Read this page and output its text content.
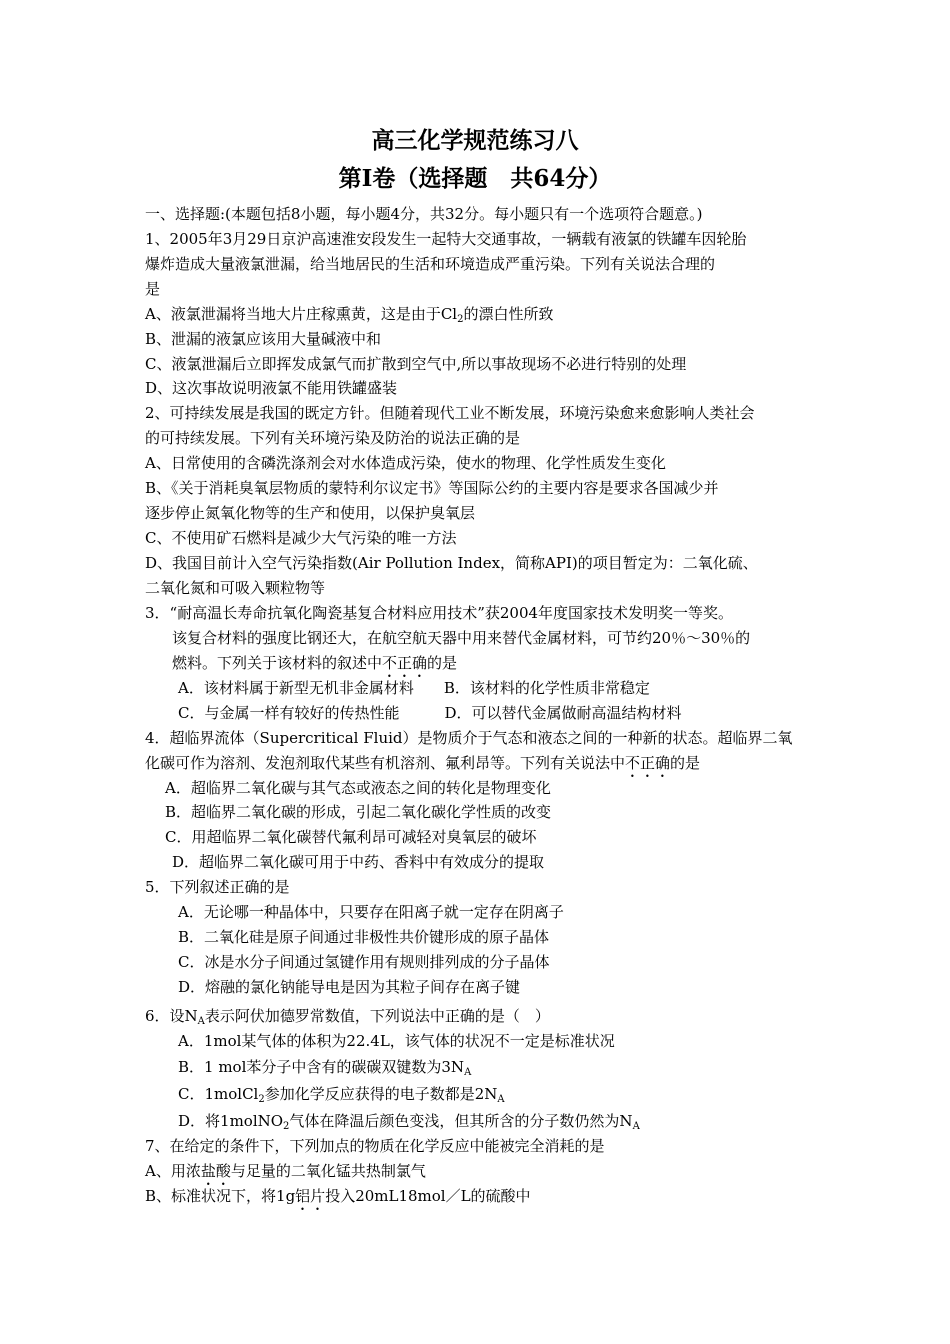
高三化学规范练习八
第Ⅰ卷（选择题　共64分）
一、选择题:(本题包括8小题，每小题4分，共32分。每小题只有一个选项符合题意。)
1、2005年3月29日京沪高速淮安段发生一起特大交通事故，一辆载有液氯的铁罐车因轮胎
爆炸造成大量液氯泄漏，给当地居民的生活和环境造成严重污染。下列有关说法合理的
是
A、液氯泄漏将当地大片庄稼熏黄，这是由于$Cl_2$的漂白性所致
B、泄漏的液氯应该用大量碱液中和
C、液氯泄漏后立即挥发成氯气而扩散到空气中,所以事故现场不必进行特别的处理
D、这次事故说明液氯不能用铁罐盛装
2、可持续发展是我国的既定方针。但随着现代工业不断发展，环境污染愈来愈影响人类社会
的可持续发展。下列有关环境污染及防治的说法正确的是
A、日常使用的含磷洗涤剂会对水体造成污染，使水的物理、化学性质发生变化
B、《关于消耗臭氧层物质的蒙特利尔议定书》等国际公约的主要内容是要求各国减少并
逐步停止氮氧化物等的生产和使用，以保护臭氧层
C、不使用矿石燃料是减少大气污染的唯一方法
D、我国目前计入空气污染指数(Air Pollution Index，简称API)的项目暂定为：二氧化硫、
二氧化氮和可吸入颗粒物等
3．“耐高温长寿命抗氧化陶瓷基复合材料应用技术”获2004年度国家技术发明奖一等奖。
该复合材料的强度比钢还大，在航空航天器中用来替代金属材料，可节约20％～30％的
燃料。下列关于该材料的叙述中不正确的是
A．该材料属于新型无机非金属材料　　B．该材料的化学性质非常稳定
C．与金属一样有较好的传热性能　　　D．可以替代金属做耐高温结构材料
4．超临界流体（Supercritical Fluid）是物质介于气态和液态之间的一种新的状态。超临界二氧
化碳可作为溶剂、发泡剂取代某些有机溶剂、氟利昂等。下列有关说法中不正确的是
A．超临界二氧化碳与其气态或液态之间的转化是物理变化
B．超临界二氧化碳的形成，引起二氧化碳化学性质的改变
C．用超临界二氧化碳替代氟利昂可减轻对臭氧层的破坏
D．超临界二氧化碳可用于中药、香料中有效成分的提取
5．下列叙述正确的是
A．无论哪一种晶体中，只要存在阳离子就一定存在阴离子
B．二氧化硅是原子间通过非极性共价键形成的原子晶体
C．冰是水分子间通过氢键作用有规则排列成的分子晶体
D．熔融的氯化钠能导电是因为其粒子间存在离子键
6．设$N_A$表示阿伏加德罗常数值，下列说法中正确的是（　）
A．1mol某气体的体积为22.4L，该气体的状况不一定是标准状况
B．1 mol苯分子中含有的碳碳双键数为$3N_A$
C．1molCl$_2$参加化学反应获得的电子数都是$2N_A$
D．将1molNO$_2$气体在降温后颜色变浅，但其所含的分子数仍然为$N_A$
7、在给定的条件下，下列加点的物质在化学反应中能被完全消耗的是
A、用浓盐酸与足量的二氧化锰共热制氯气
B、标准状况下，将1g铝片投入20mL18mol／L的硫酸中
